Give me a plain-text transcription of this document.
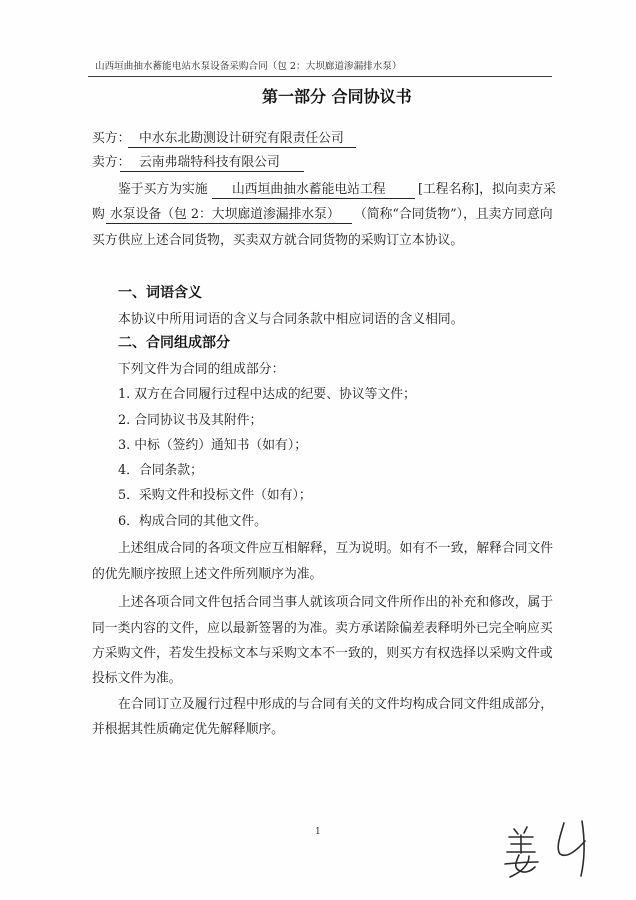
山西垣曲抽水蓄能电站水泵设备采购合同（包 2：大坝廊道渗漏排水泵）
第一部分 合同协议书
买方： 中水东北勘测设计研究有限责任公司
卖方： 云南弗瑞特科技有限公司
鉴于买方为实施	山西垣曲抽水蓄能电站工程	[工程名称]，拟向卖方采
购 水泵设备（包 2：大坝廊道渗漏排水泵）	（简称“合同货物”），且卖方同意向
买方供应上述合同货物，买卖双方就合同货物的采购订立本协议。
一、词语含义
本协议中所用词语的含义与合同条款中相应词语的含义相同。
二、合同组成部分
下列文件为合同的组成部分：
1. 双方在合同履行过程中达成的纪要、协议等文件；
2. 合同协议书及其附件；
3. 中标（签约）通知书（如有）；
4．合同条款；
5．采购文件和投标文件（如有）；
6．构成合同的其他文件。
上述组成合同的各项文件应互相解释，互为说明。如有不一致，解释合同文件
的优先顺序按照上述文件所列顺序为准。
上述各项合同文件包括合同当事人就该项合同文件所作出的补充和修改，属于
同一类内容的文件，应以最新签署的为准。卖方承诺除偏差表释明外已完全响应买
方采购文件，若发生投标文本与采购文本不一致的，则买方有权选择以采购文件或
投标文件为准。
在合同订立及履行过程中形成的与合同有关的文件均构成合同文件组成部分，
并根据其性质确定优先解释顺序。
1
